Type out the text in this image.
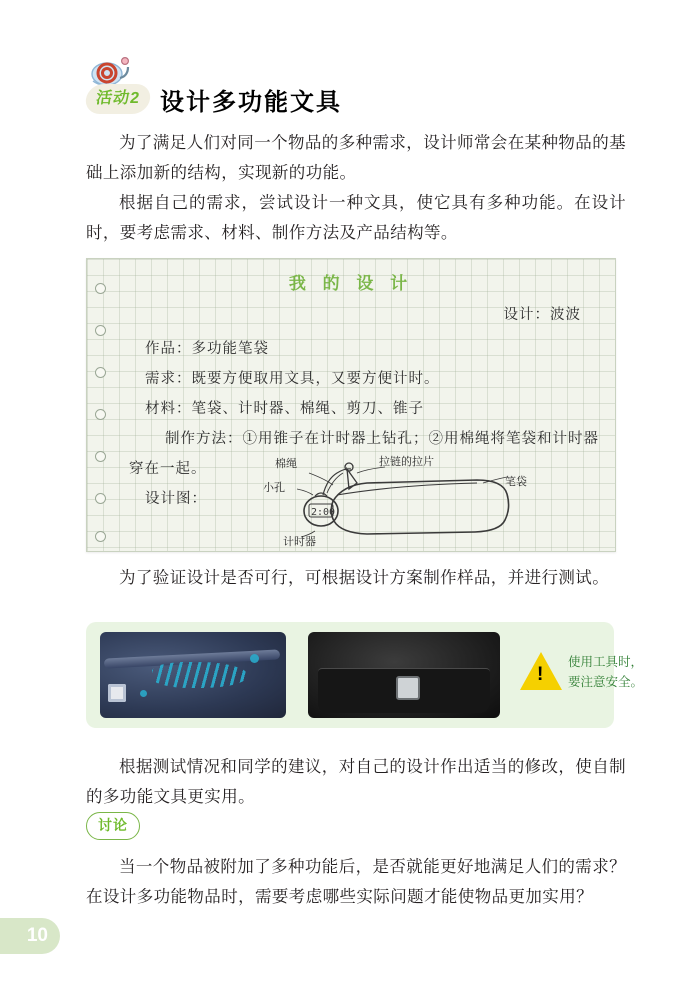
活动2 设计多功能文具
为了满足人们对同一个物品的多种需求，设计师常会在某种物品的基础上添加新的结构，实现新的功能。
根据自己的需求，尝试设计一种文具，使它具有多种功能。在设计时，要考虑需求、材料、制作方法及产品结构等。
我 的 设 计
设计：波波
作品：多功能笔袋
需求：既要方便取用文具，又要方便计时。
材料：笔袋、计时器、棉绳、剪刀、锥子
制作方法：①用锥子在计时器上钻孔；②用棉绳将笔袋和计时器
穿在一起。
设计图：
2:00
棉绳	拉链的拉片
小孔	笔袋
计时器
为了验证设计是否可行，可根据设计方案制作样品，并进行测试。
!
使用工具时，
要注意安全。
根据测试情况和同学的建议，对自己的设计作出适当的修改，使自制的多功能文具更实用。
讨论
当一个物品被附加了多种功能后，是否就能更好地满足人们的需求？在设计多功能物品时，需要考虑哪些实际问题才能使物品更加实用？
10
